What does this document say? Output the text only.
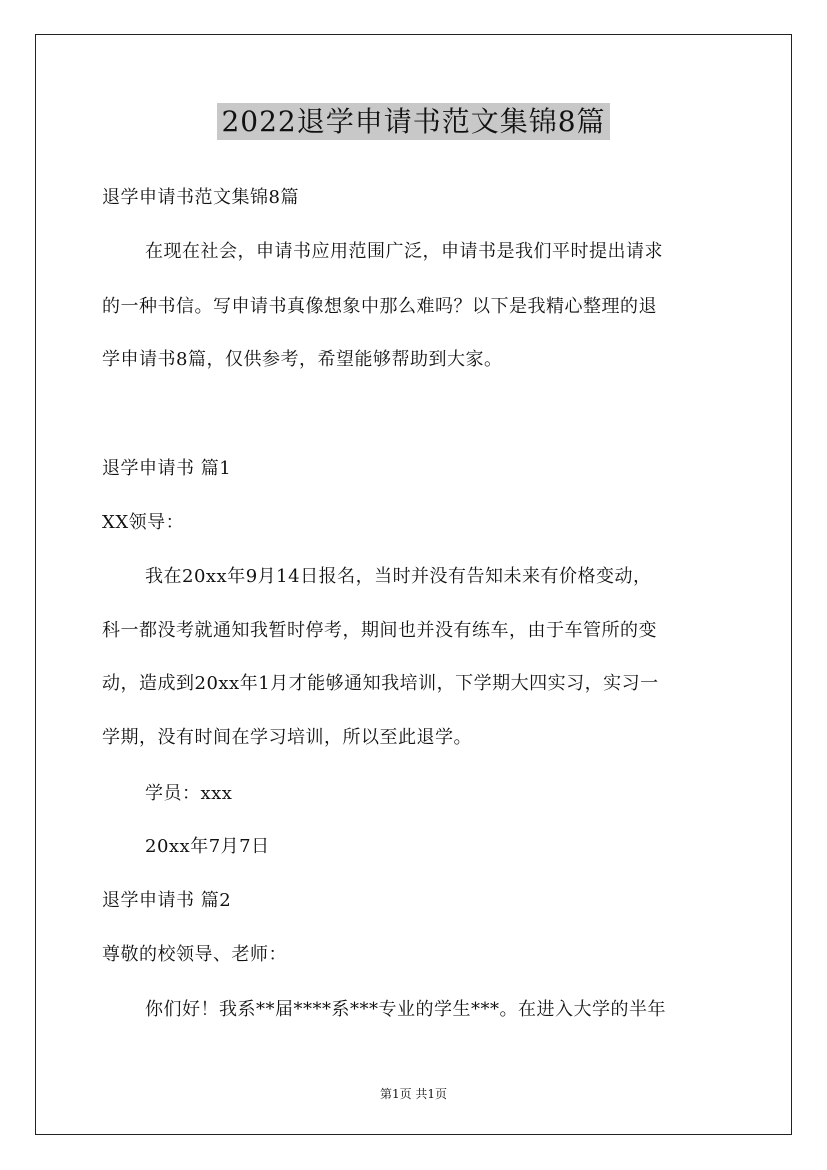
2022退学申请书范文集锦8篇
退学申请书范文集锦8篇
在现在社会，申请书应用范围广泛，申请书是我们平时提出请求
的一种书信。写申请书真像想象中那么难吗？以下是我精心整理的退
学申请书8篇，仅供参考，希望能够帮助到大家。
退学申请书 篇1
XX领导：
我在20xx年9月14日报名，当时并没有告知未来有价格变动，
科一都没考就通知我暂时停考，期间也并没有练车，由于车管所的变
动，造成到20xx年1月才能够通知我培训，下学期大四实习，实习一
学期，没有时间在学习培训，所以至此退学。
学员：xxx
20xx年7月7日
退学申请书 篇2
尊敬的校领导、老师：
你们好！我系**届****系***专业的学生***。在进入大学的半年
第1页 共1页
